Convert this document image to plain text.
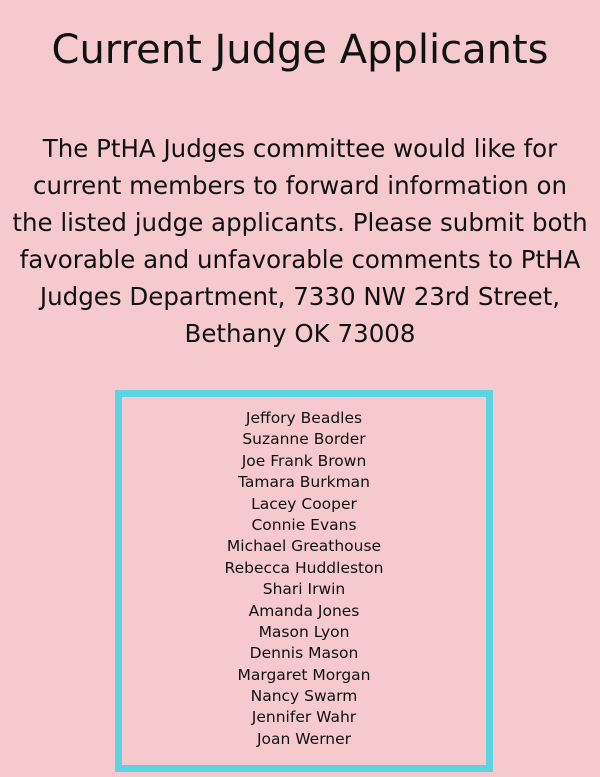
Current Judge Applicants

The PtHA Judges committee would like for current members to forward information on the listed judge applicants. Please submit both favorable and unfavorable comments to PtHA Judges Department, 7330 NW 23rd Street, Bethany OK 73008

Jeffory Beadles
Suzanne Border
Joe Frank Brown
Tamara Burkman
Lacey Cooper
Connie Evans
Michael Greathouse
Rebecca Huddleston
Shari Irwin
Amanda Jones
Mason Lyon
Dennis Mason
Margaret Morgan
Nancy Swarm
Jennifer Wahr
Joan Werner
